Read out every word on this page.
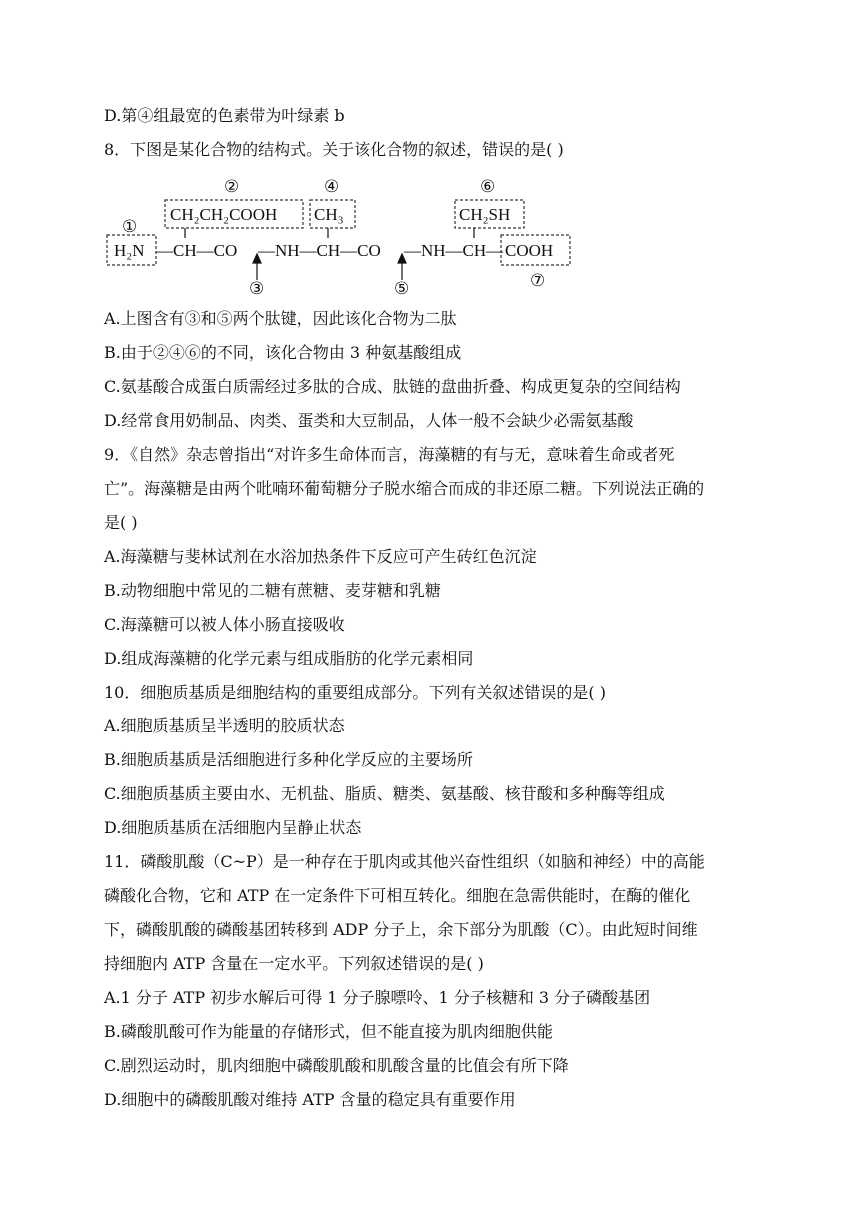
D.第④组最宽的色素带为叶绿素 b
8．下图是某化合物的结构式。关于该化合物的叙述，错误的是( )
H₂N —CH—CO —NH—CH—CO —NH—CH— COOH
CH₂CH₂COOH CH₃	CH₂SH
①
②
③
④
⑤
⑥
⑦
A.上图含有③和⑤两个肽键，因此该化合物为二肽
B.由于②④⑥的不同，该化合物由 3 种氨基酸组成
C.氨基酸合成蛋白质需经过多肽的合成、肽链的盘曲折叠、构成更复杂的空间结构
D.经常食用奶制品、肉类、蛋类和大豆制品，人体一般不会缺少必需氨基酸
9．《自然》杂志曾指出“对许多生命体而言，海藻糖的有与无，意味着生命或者死
亡”。海藻糖是由两个吡喃环葡萄糖分子脱水缩合而成的非还原二糖。下列说法正确的
是( )
A.海藻糖与斐林试剂在水浴加热条件下反应可产生砖红色沉淀
B.动物细胞中常见的二糖有蔗糖、麦芽糖和乳糖
C.海藻糖可以被人体小肠直接吸收
D.组成海藻糖的化学元素与组成脂肪的化学元素相同
10．细胞质基质是细胞结构的重要组成部分。下列有关叙述错误的是( )
A.细胞质基质呈半透明的胶质状态
B.细胞质基质是活细胞进行多种化学反应的主要场所
C.细胞质基质主要由水、无机盐、脂质、糖类、氨基酸、核苷酸和多种酶等组成
D.细胞质基质在活细胞内呈静止状态
11．磷酸肌酸（C~P）是一种存在于肌肉或其他兴奋性组织（如脑和神经）中的高能
磷酸化合物，它和 ATP 在一定条件下可相互转化。细胞在急需供能时，在酶的催化
下，磷酸肌酸的磷酸基团转移到 ADP 分子上，余下部分为肌酸（C）。由此短时间维
持细胞内 ATP 含量在一定水平。下列叙述错误的是( )
A.1 分子 ATP 初步水解后可得 1 分子腺嘌呤、1 分子核糖和 3 分子磷酸基团
B.磷酸肌酸可作为能量的存储形式，但不能直接为肌肉细胞供能
C.剧烈运动时，肌肉细胞中磷酸肌酸和肌酸含量的比值会有所下降
D.细胞中的磷酸肌酸对维持 ATP 含量的稳定具有重要作用
